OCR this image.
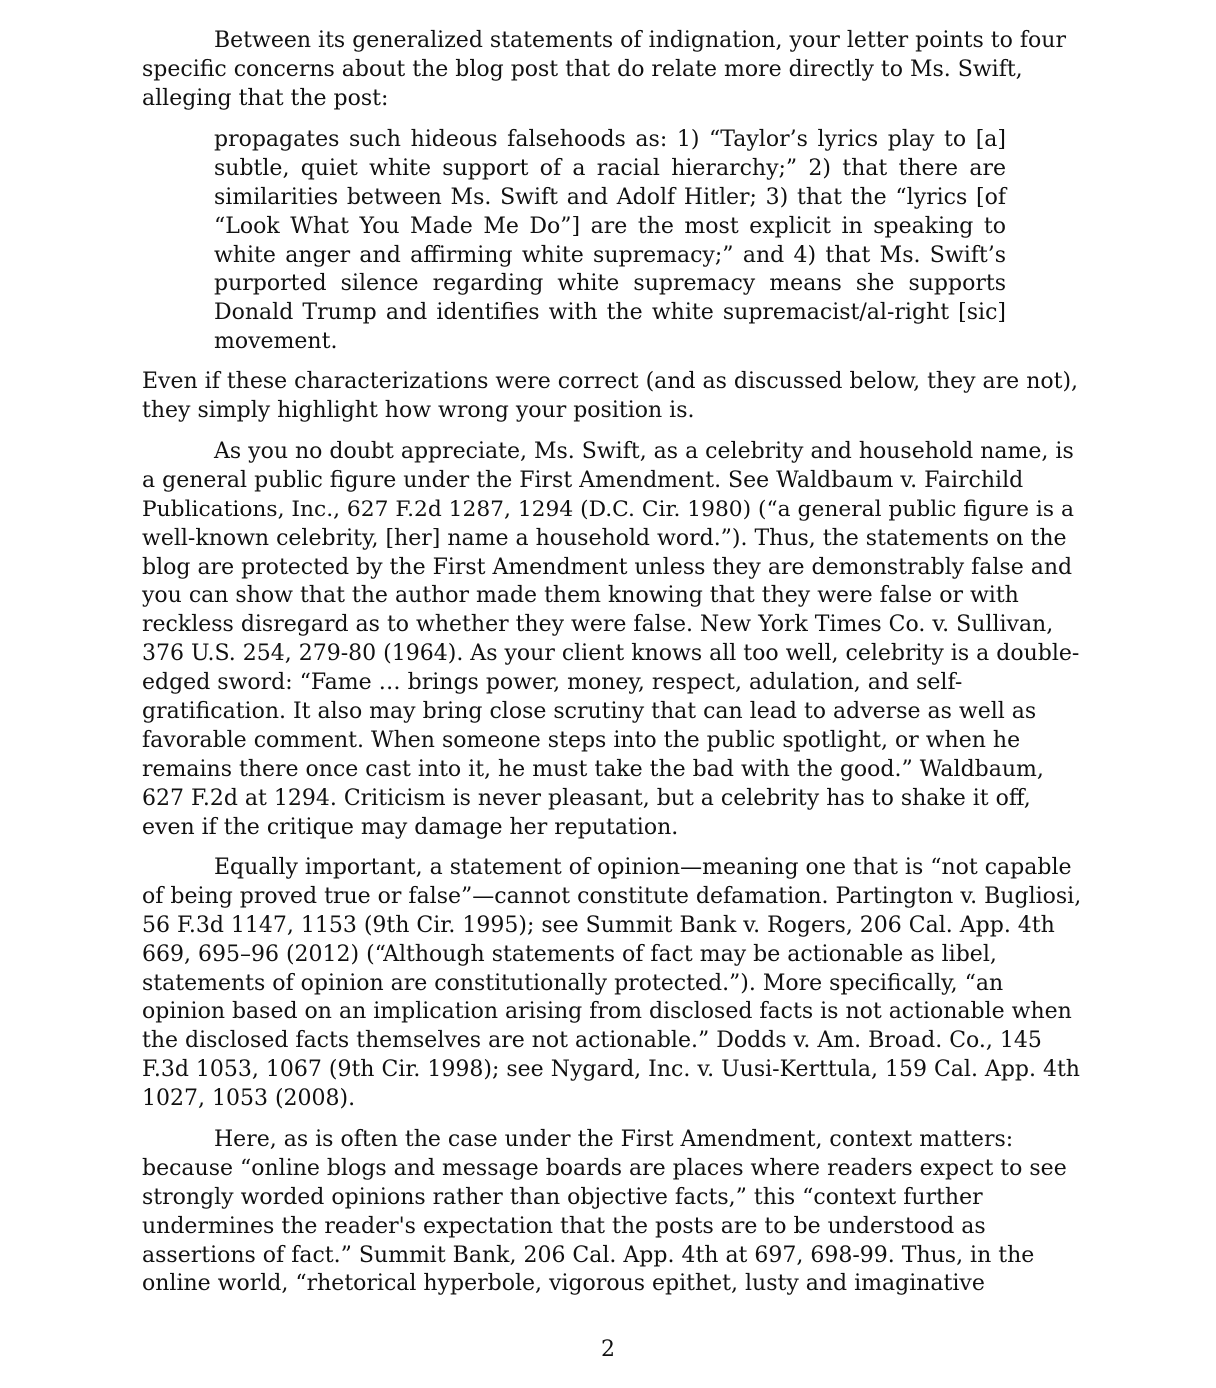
Between its generalized statements of indignation, your letter points to four
specific concerns about the blog post that do relate more directly to Ms. Swift,
alleging that the post:

propagates such hideous falsehoods as: 1) “Taylor’s lyrics play to [a]
subtle, quiet white support of a racial hierarchy;” 2) that there are
similarities between Ms. Swift and Adolf Hitler; 3) that the “lyrics [of
“Look What You Made Me Do”] are the most explicit in speaking to
white anger and affirming white supremacy;” and 4) that Ms. Swift’s
purported silence regarding white supremacy means she supports
Donald Trump and identifies with the white supremacist/al-right [sic]
movement.

Even if these characterizations were correct (and as discussed below, they are not),
they simply highlight how wrong your position is.

As you no doubt appreciate, Ms. Swift, as a celebrity and household name, is
a general public figure under the First Amendment. See Waldbaum v. Fairchild
Publications, Inc., 627 F.2d 1287, 1294 (D.C. Cir. 1980) (“a general public figure is a
well-known celebrity, [her] name a household word.”). Thus, the statements on the
blog are protected by the First Amendment unless they are demonstrably false and
you can show that the author made them knowing that they were false or with
reckless disregard as to whether they were false. New York Times Co. v. Sullivan,
376 U.S. 254, 279-80 (1964). As your client knows all too well, celebrity is a double-
edged sword: “Fame … brings power, money, respect, adulation, and self-
gratification. It also may bring close scrutiny that can lead to adverse as well as
favorable comment. When someone steps into the public spotlight, or when he
remains there once cast into it, he must take the bad with the good.” Waldbaum,
627 F.2d at 1294. Criticism is never pleasant, but a celebrity has to shake it off,
even if the critique may damage her reputation.

Equally important, a statement of opinion—meaning one that is “not capable
of being proved true or false”—cannot constitute defamation. Partington v. Bugliosi,
56 F.3d 1147, 1153 (9th Cir. 1995); see Summit Bank v. Rogers, 206 Cal. App. 4th
669, 695–96 (2012) (“Although statements of fact may be actionable as libel,
statements of opinion are constitutionally protected.”). More specifically, “an
opinion based on an implication arising from disclosed facts is not actionable when
the disclosed facts themselves are not actionable.” Dodds v. Am. Broad. Co., 145
F.3d 1053, 1067 (9th Cir. 1998); see Nygard, Inc. v. Uusi-Kerttula, 159 Cal. App. 4th
1027, 1053 (2008).

Here, as is often the case under the First Amendment, context matters:
because “online blogs and message boards are places where readers expect to see
strongly worded opinions rather than objective facts,” this “context further
undermines the reader's expectation that the posts are to be understood as
assertions of fact.” Summit Bank, 206 Cal. App. 4th at 697, 698-99. Thus, in the
online world, “rhetorical hyperbole, vigorous epithet, lusty and imaginative

2
